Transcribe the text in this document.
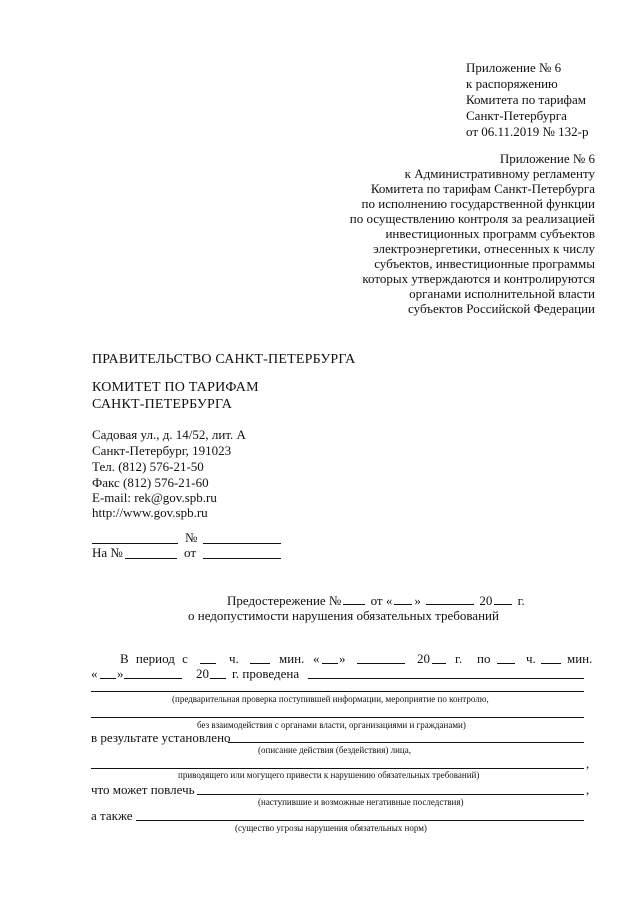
Приложение № 6
к распоряжению
Комитета по тарифам
Санкт-Петербурга
от 06.11.2019 № 132-р
Приложение № 6
к Административному регламенту
Комитета по тарифам Санкт-Петербурга
по исполнению государственной функции
по осуществлению контроля за реализацией
инвестиционных программ субъектов
электроэнергетики, отнесенных к числу
субъектов, инвестиционные программы
которых утверждаются и контролируются
органами исполнительной власти
субъектов Российской Федерации
ПРАВИТЕЛЬСТВО САНКТ-ПЕТЕРБУРГА
КОМИТЕТ ПО ТАРИФАМ
САНКТ-ПЕТЕРБУРГА
Садовая ул., д. 14/52, лит. А
Санкт-Петербург, 191023
Тел. (812) 576-21-50
Факс (812) 576-21-60
E-mail: rek@gov.spb.ru
http://www.gov.spb.ru
№
На №	от
Предостережение № от « »	20 г.
о недопустимости нарушения обязательных требований
В период с	ч.	мин. « »	20 г. по	ч. мин.
« »	20 г. проведена
(предварительная проверка поступившей информации, мероприятие по контролю,
без взаимодействия с органами власти, организациями и гражданами)
в результате установлено
(описание действия (бездействия) лица,
,
приводящего или могущего привести к нарушению обязательных требований)
что может повлечь	,
(наступившие и возможные негативные последствия)
а также
(существо угрозы нарушения обязательных норм)
